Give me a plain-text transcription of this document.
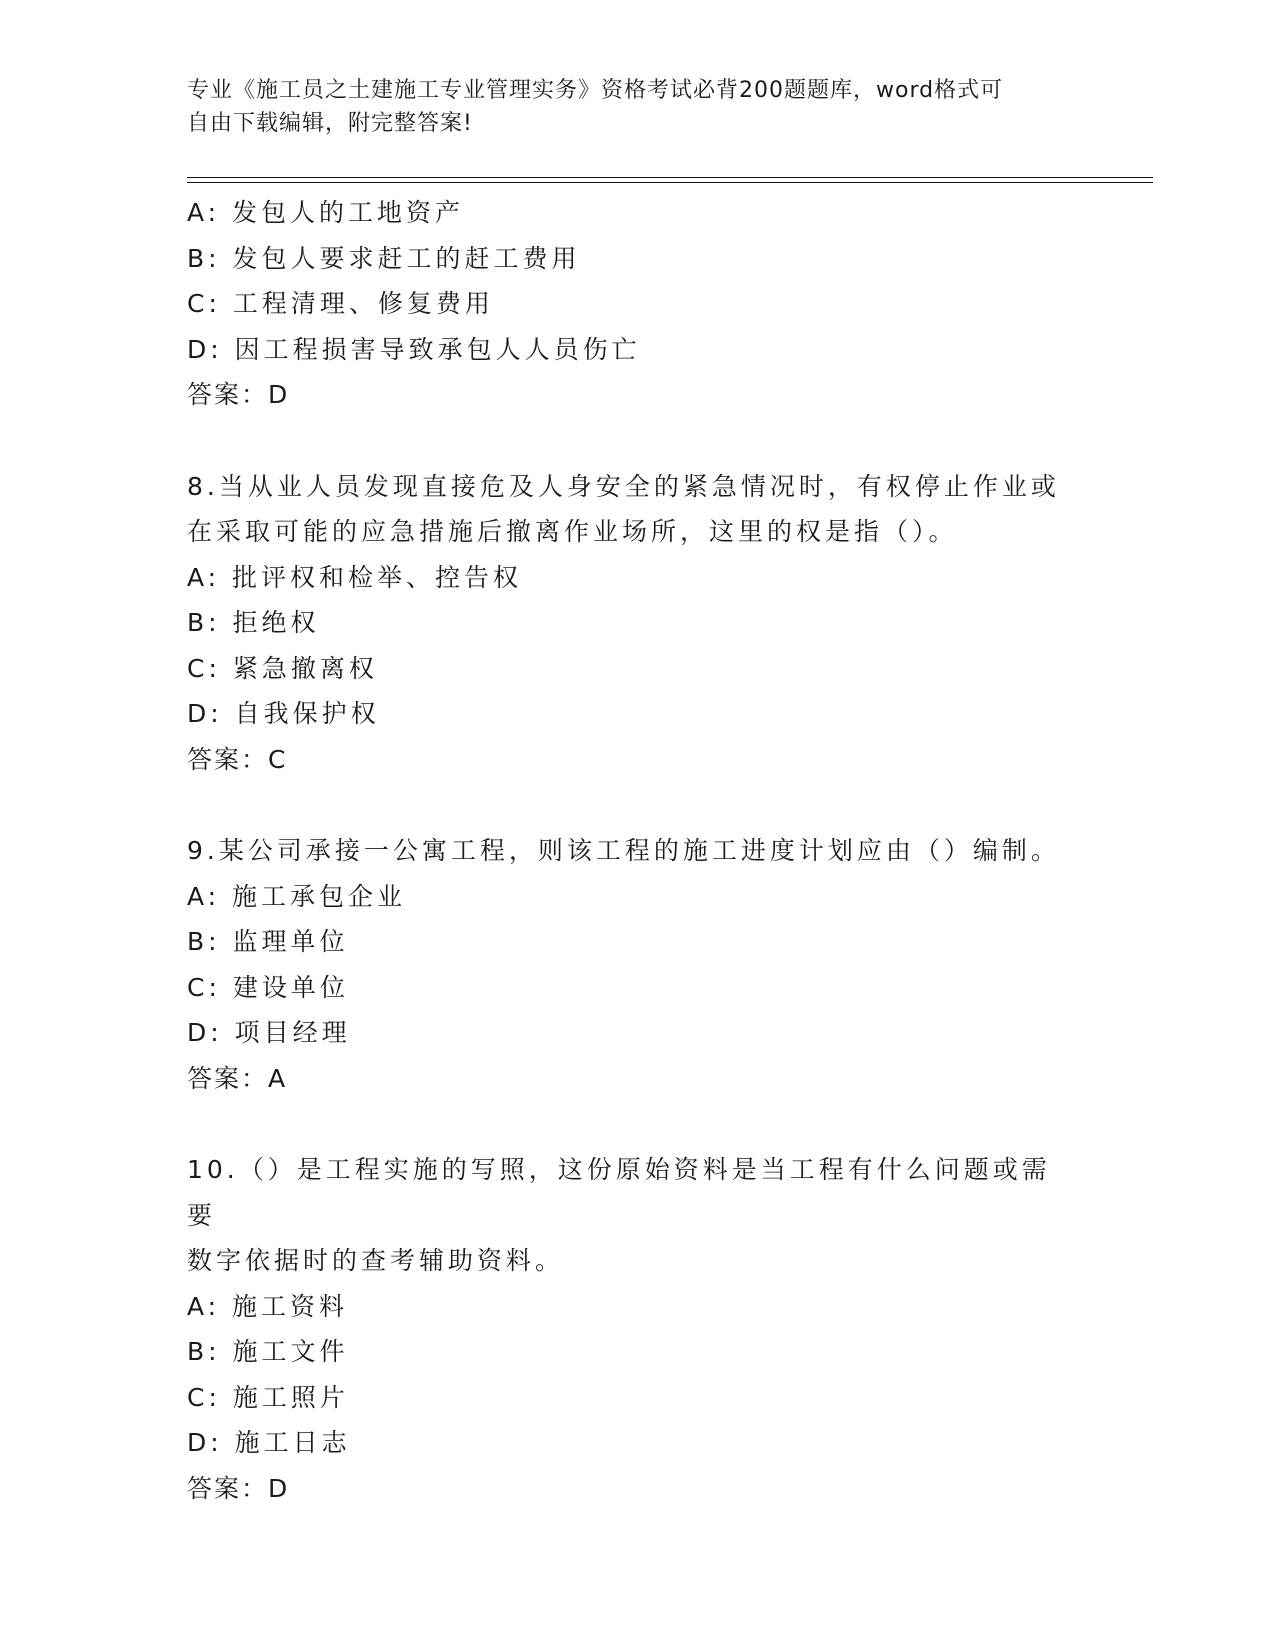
专业《施工员之土建施工专业管理实务》资格考试必背200题题库，word格式可
自由下载编辑，附完整答案!
A: 发包人的工地资产
B: 发包人要求赶工的赶工费用
C: 工程清理、修复费用
D: 因工程损害导致承包人人员伤亡
答案：D
8.当从业人员发现直接危及人身安全的紧急情况时，有权停止作业或
在采取可能的应急措施后撤离作业场所，这里的权是指（）。
A: 批评权和检举、控告权
B: 拒绝权
C: 紧急撤离权
D: 自我保护权
答案：C
9.某公司承接一公寓工程，则该工程的施工进度计划应由（）编制。
A: 施工承包企业
B: 监理单位
C: 建设单位
D: 项目经理
答案：A
10.（）是工程实施的写照，这份原始资料是当工程有什么问题或需要
数字依据时的查考辅助资料。
A: 施工资料
B: 施工文件
C: 施工照片
D: 施工日志
答案：D
